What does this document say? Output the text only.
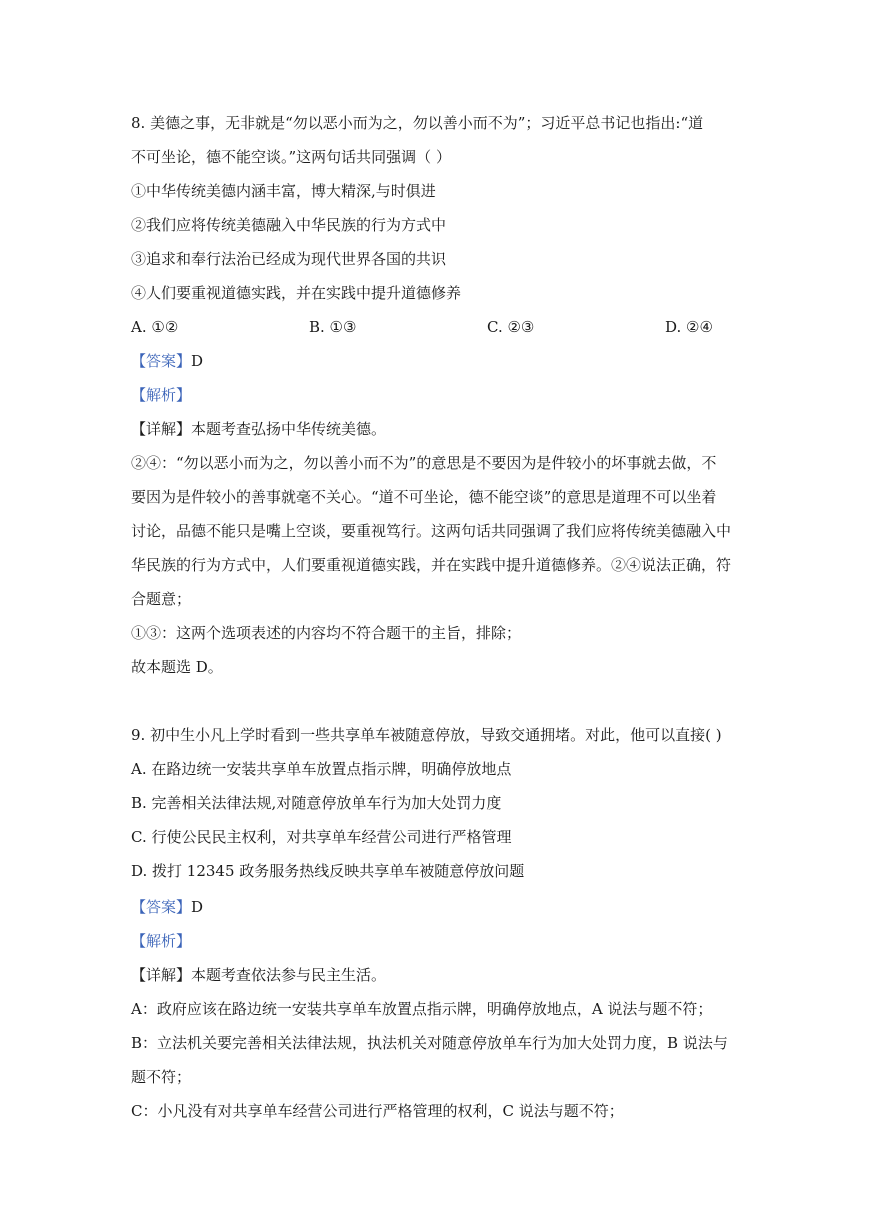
8. 美德之事，无非就是“勿以恶小而为之，勿以善小而不为”；习近平总书记也指出:“道
不可坐论，德不能空谈。”这两句话共同强调（ ）
①中华传统美德内涵丰富，博大精深,与时俱进
②我们应将传统美德融入中华民族的行为方式中
③追求和奉行法治已经成为现代世界各国的共识
④人们要重视道德实践，并在实践中提升道德修养
A. ①②	B. ①③	C. ②③	D. ②④
【答案】D
【解析】
【详解】本题考查弘扬中华传统美德。
②④：“勿以恶小而为之，勿以善小而不为”的意思是不要因为是件较小的坏事就去做，不
要因为是件较小的善事就毫不关心。“道不可坐论，德不能空谈”的意思是道理不可以坐着
讨论，品德不能只是嘴上空谈，要重视笃行。这两句话共同强调了我们应将传统美德融入中
华民族的行为方式中，人们要重视道德实践，并在实践中提升道德修养。②④说法正确，符
合题意；
①③：这两个选项表述的内容均不符合题干的主旨，排除；
故本题选 D。
9. 初中生小凡上学时看到一些共享单车被随意停放，导致交通拥堵。对此，他可以直接( )
A. 在路边统一安装共享单车放置点指示牌，明确停放地点
B. 完善相关法律法规,对随意停放单车行为加大处罚力度
C. 行使公民民主权利，对共享单车经营公司进行严格管理
D. 拨打 12345 政务服务热线反映共享单车被随意停放问题
【答案】D
【解析】
【详解】本题考查依法参与民主生活。
A：政府应该在路边统一安装共享单车放置点指示牌，明确停放地点，A 说法与题不符；
B：立法机关要完善相关法律法规，执法机关对随意停放单车行为加大处罚力度，B 说法与
题不符；
C：小凡没有对共享单车经营公司进行严格管理的权利，C 说法与题不符；
